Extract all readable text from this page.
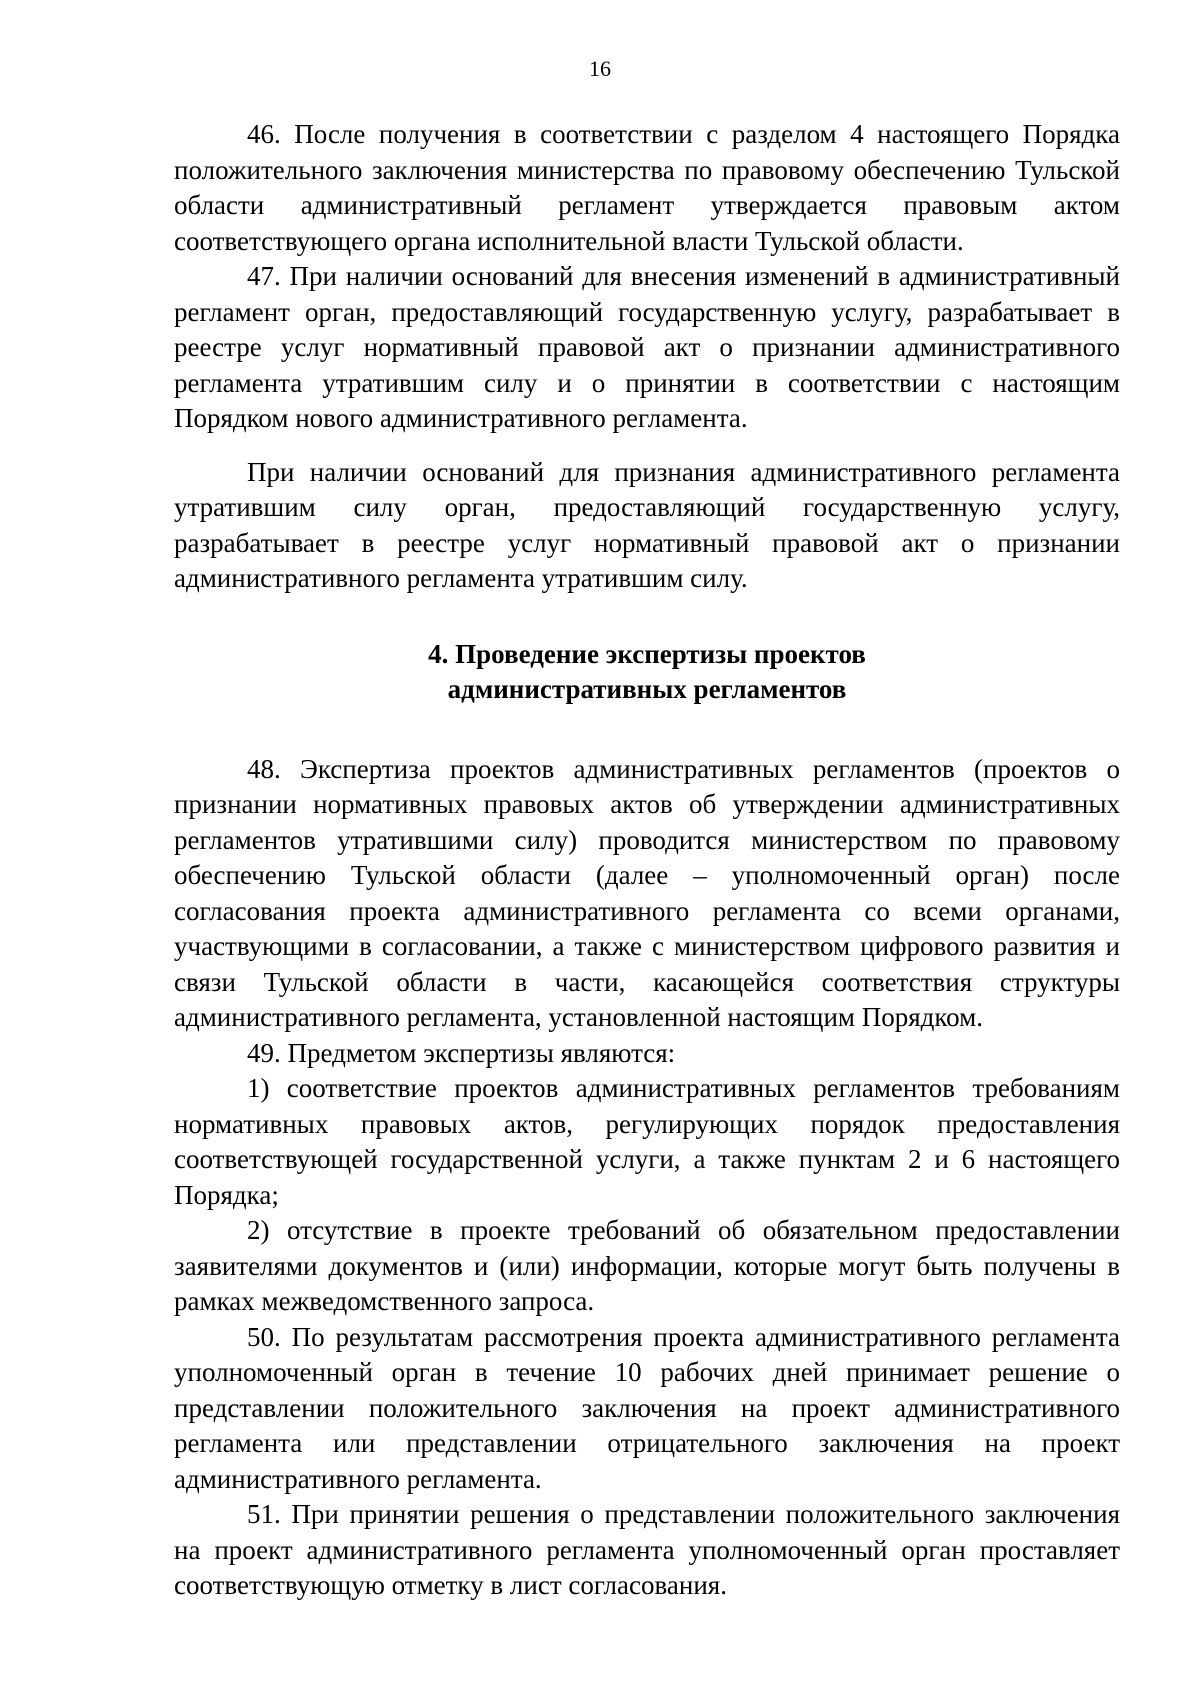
16

46. После получения в соответствии с разделом 4 настоящего Порядка положительного заключения министерства по правовому обеспечению Тульской области административный регламент утверждается правовым актом соответствующего органа исполнительной власти Тульской области.

47. При наличии оснований для внесения изменений в административный регламент орган, предоставляющий государственную услугу, разрабатывает в реестре услуг нормативный правовой акт о признании административного регламента утратившим силу и о принятии в соответствии с настоящим Порядком нового административного регламента.

При наличии оснований для признания административного регламента утратившим силу орган, предоставляющий государственную услугу, разрабатывает в реестре услуг нормативный правовой акт о признании административного регламента утратившим силу.

4. Проведение экспертизы проектов
административных регламентов

48. Экспертиза проектов административных регламентов (проектов о признании нормативных правовых актов об утверждении административных регламентов утратившими силу) проводится министерством по правовому обеспечению Тульской области (далее – уполномоченный орган) после согласования проекта административного регламента со всеми органами, участвующими в согласовании, а также с министерством цифрового развития и связи Тульской области в части, касающейся соответствия структуры административного регламента, установленной настоящим Порядком.

49. Предметом экспертизы являются:

1) соответствие проектов административных регламентов требованиям нормативных правовых актов, регулирующих порядок предоставления соответствующей государственной услуги, а также пунктам 2 и 6 настоящего Порядка;

2) отсутствие в проекте требований об обязательном предоставлении заявителями документов и (или) информации, которые могут быть получены в рамках межведомственного запроса.

50. По результатам рассмотрения проекта административного регламента уполномоченный орган в течение 10 рабочих дней принимает решение о представлении положительного заключения на проект административного регламента или представлении отрицательного заключения на проект административного регламента.

51. При принятии решения о представлении положительного заключения на проект административного регламента уполномоченный орган проставляет соответствующую отметку в лист согласования.
